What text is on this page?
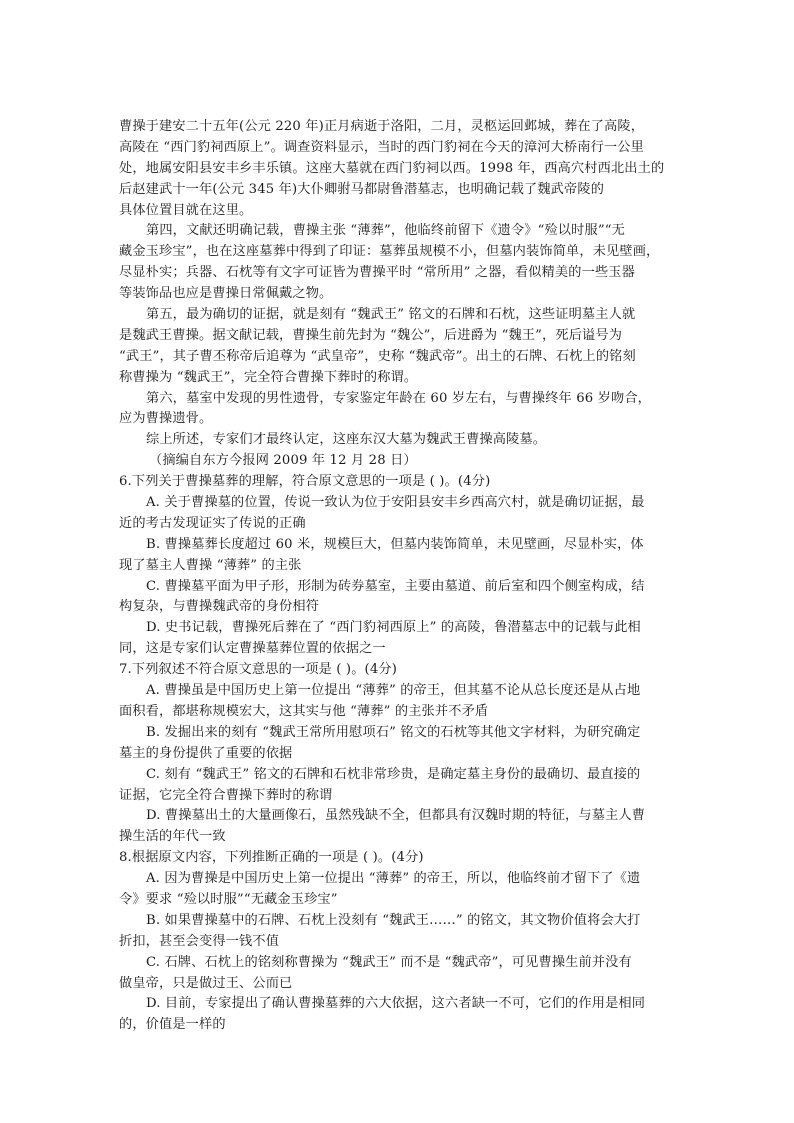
曹操于建安二十五年(公元 220 年)正月病逝于洛阳，二月，灵柩运回邺城，葬在了高陵，
高陵在 “西门豹祠西原上”。调查资料显示，当时的西门豹祠在今天的漳河大桥南行一公里
处，地属安阳县安丰乡丰乐镇。这座大墓就在西门豹祠以西。1998 年，西高穴村西北出土的
后赵建武十一年(公元 345 年)大仆卿驸马都尉鲁潜墓志，也明确记载了魏武帝陵的
具体位置目就在这里。
第四，文献还明确记载，曹操主张 “薄葬”，他临终前留下《遗令》“殓以时服”“无
藏金玉珍宝”，也在这座墓葬中得到了印证：墓葬虽规模不小，但墓内装饰简单，未见壁画，
尽显朴实；兵器、石枕等有文字可证皆为曹操平时 “常所用” 之器，看似精美的一些玉器
等装饰品也应是曹操日常佩戴之物。
第五，最为确切的证据，就是刻有 “魏武王” 铭文的石牌和石枕，这些证明墓主人就
是魏武王曹操。据文献记载，曹操生前先封为 “魏公”，后进爵为 “魏王”，死后谥号为
“武王”，其子曹丕称帝后追尊为 “武皇帝”，史称 “魏武帝”。出土的石牌、石枕上的铭刻
称曹操为 “魏武王”，完全符合曹操下葬时的称谓。
第六，墓室中发现的男性遗骨，专家鉴定年龄在 60 岁左右，与曹操终年 66 岁吻合，
应为曹操遗骨。
综上所述，专家们才最终认定，这座东汉大墓为魏武王曹操高陵墓。
（摘编自东方今报网 2009 年 12 月 28 日）
6.下列关于曹操墓葬的理解，符合原文意思的一项是 ( )。(4分)
A. 关于曹操墓的位置，传说一致认为位于安阳县安丰乡西高穴村，就是确切证据，最
近的考古发现证实了传说的正确
B. 曹操墓葬长度超过 60 米，规模巨大，但墓内装饰简单，未见壁画，尽显朴实，体
现了墓主人曹操 “薄葬” 的主张
C. 曹操墓平面为甲子形，形制为砖券墓室，主要由墓道、前后室和四个侧室构成，结
构复杂，与曹操魏武帝的身份相符
D. 史书记载，曹操死后葬在了 “西门豹祠西原上” 的高陵，鲁潜墓志中的记载与此相
同，这是专家们认定曹操墓葬位置的依据之一
7.下列叙述不符合原文意思的一项是 ( )。(4分)
A. 曹操虽是中国历史上第一位提出 “薄葬” 的帝王，但其墓不论从总长度还是从占地
面积看，都堪称规模宏大，这其实与他 “薄葬” 的主张并不矛盾
B. 发掘出来的刻有 “魏武王常所用慰项石” 铭文的石枕等其他文字材料，为研究确定
墓主的身份提供了重要的依据
C. 刻有 “魏武王” 铭文的石牌和石枕非常珍贵，是确定墓主身份的最确切、最直接的
证据，它完全符合曹操下葬时的称谓
D. 曹操墓出土的大量画像石，虽然残缺不全，但都具有汉魏时期的特征，与墓主人曹
操生活的年代一致
8.根据原文内容，下列推断正确的一项是 ( )。(4分)
A. 因为曹操是中国历史上第一位提出 “薄葬” 的帝王，所以，他临终前才留下了《遗
令》要求 “殓以时服”“无藏金玉珍宝”
B. 如果曹操墓中的石牌、石枕上没刻有 “魏武王……” 的铭文，其文物价值将会大打
折扣，甚至会变得一钱不值
C. 石牌、石枕上的铭刻称曹操为 “魏武王” 而不是 “魏武帝”，可见曹操生前并没有
做皇帝，只是做过王、公而已
D. 目前，专家提出了确认曹操墓葬的六大依据，这六者缺一不可，它们的作用是相同
的，价值是一样的
